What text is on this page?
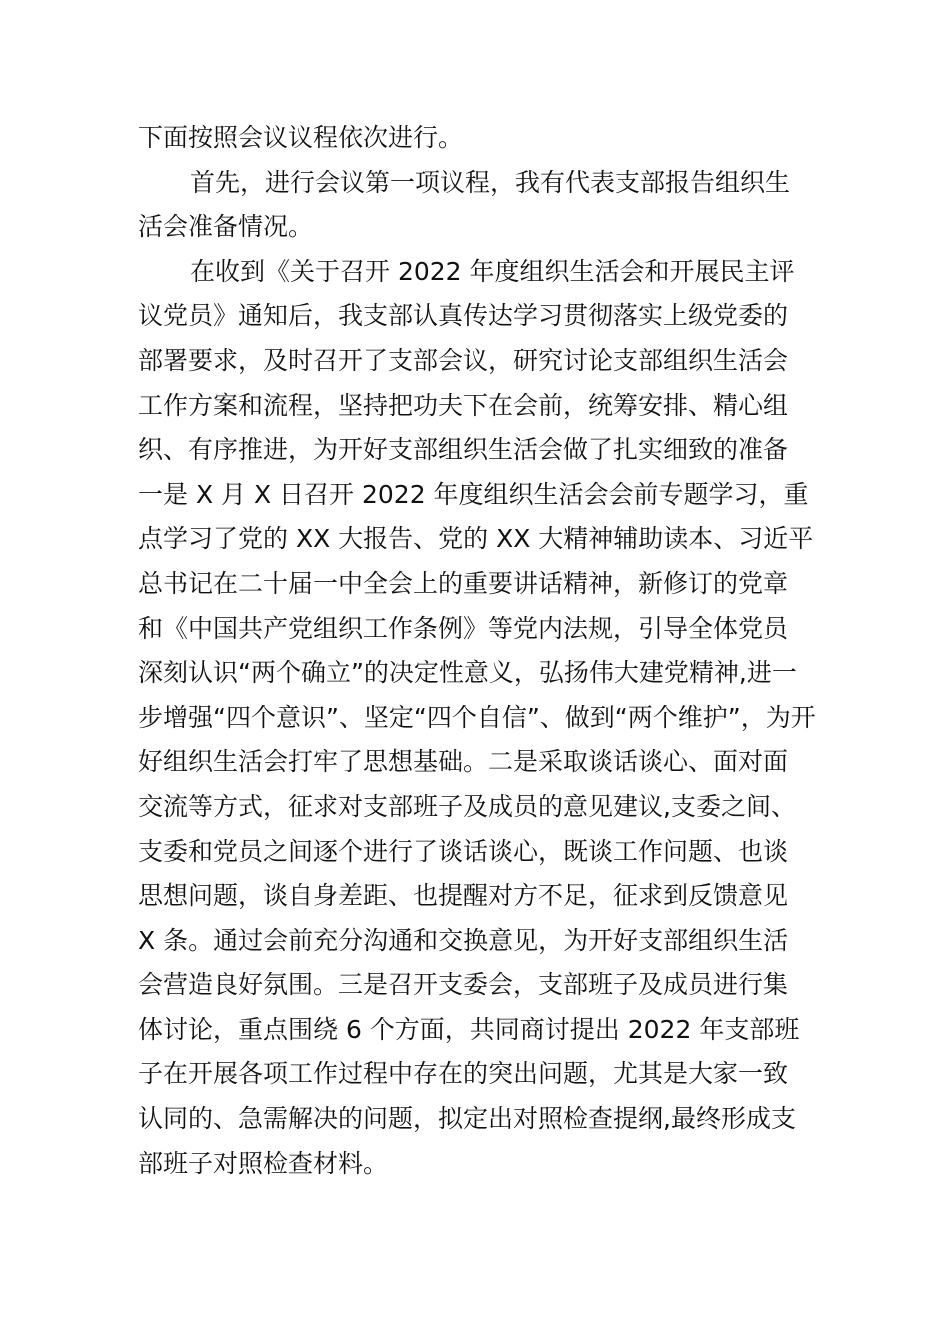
下面按照会议议程依次进行。
首先，进行会议第一项议程，我有代表支部报告组织生
活会准备情况。
在收到《关于召开 2022 年度组织生活会和开展民主评
议党员》通知后，我支部认真传达学习贯彻落实上级党委的
部署要求，及时召开了支部会议，研究讨论支部组织生活会
工作方案和流程，坚持把功夫下在会前，统筹安排、精心组
织、有序推进，为开好支部组织生活会做了扎实细致的准备
一是 X 月 X 日召开 2022 年度组织生活会会前专题学习，重
点学习了党的 XX 大报告、党的 XX 大精神辅助读本、习近平
总书记在二十届一中全会上的重要讲话精神，新修订的党章
和《中国共产党组织工作条例》等党内法规，引导全体党员
深刻认识“两个确立”的决定性意义，弘扬伟大建党精神,进一
步增强“四个意识”、坚定“四个自信”、做到“两个维护”，为开
好组织生活会打牢了思想基础。二是采取谈话谈心、面对面
交流等方式，征求对支部班子及成员的意见建议,支委之间、
支委和党员之间逐个进行了谈话谈心，既谈工作问题、也谈
思想问题，谈自身差距、也提醒对方不足，征求到反馈意见
X 条。通过会前充分沟通和交换意见，为开好支部组织生活
会营造良好氛围。三是召开支委会，支部班子及成员进行集
体讨论，重点围绕 6 个方面，共同商讨提出 2022 年支部班
子在开展各项工作过程中存在的突出问题，尤其是大家一致
认同的、急需解决的问题，拟定出对照检查提纲,最终形成支
部班子对照检查材料。
